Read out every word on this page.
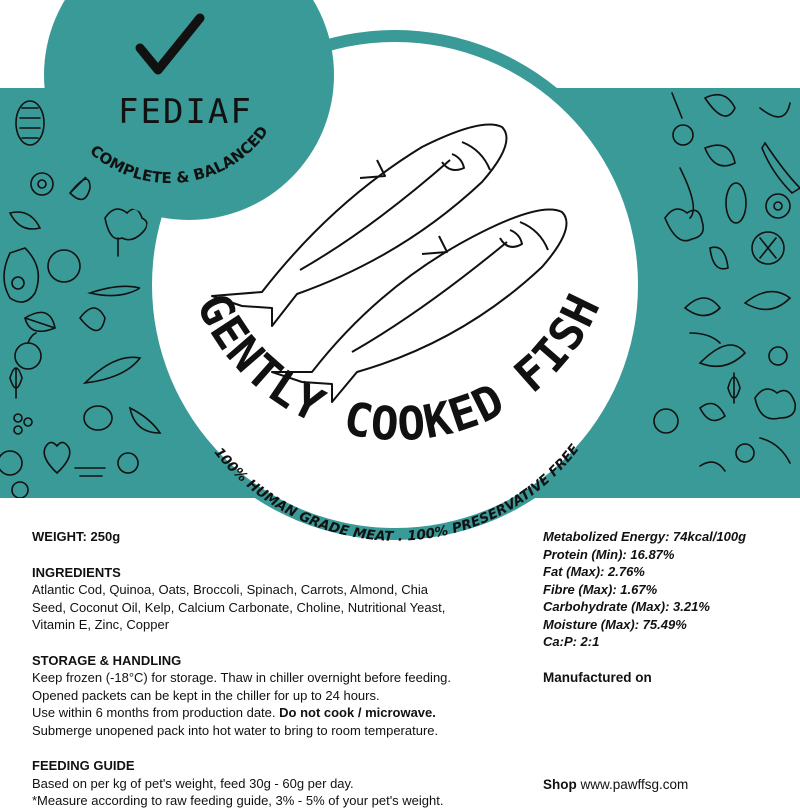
COMPLETE & BALANCED
GENTLY COOKED FISH
100% HUMAN GRADE MEAT . 100% PRESERVATIVE FREE
FEDIAF

WEIGHT: 250g

INGREDIENTS

Atlantic Cod, Quinoa, Oats, Broccoli, Spinach, Carrots, Almond, Chia

Seed, Coconut Oil, Kelp, Calcium Carbonate, Choline, Nutritional Yeast,

Vitamin E, Zinc, Copper

STORAGE & HANDLING

Keep frozen (-18°C) for storage. Thaw in chiller overnight before feeding.

Opened packets can be kept in the chiller for up to 24 hours.

Use within 6 months from production date. Do not cook / microwave.

Submerge unopened pack into hot water to bring to room temperature.

FEEDING GUIDE

Based on per kg of pet's weight, feed 30g - 60g per day.

*Measure according to raw feeding guide, 3% - 5% of your pet's weight.

Metabolized Energy: 74kcal/100g

Protein (Min): 16.87%

Fat (Max): 2.76%

Fibre (Max): 1.67%

Carbohydrate (Max): 3.21%

Moisture (Max): 75.49%

Ca:P: 2:1

Manufactured on
Shop www.pawffsg.com
